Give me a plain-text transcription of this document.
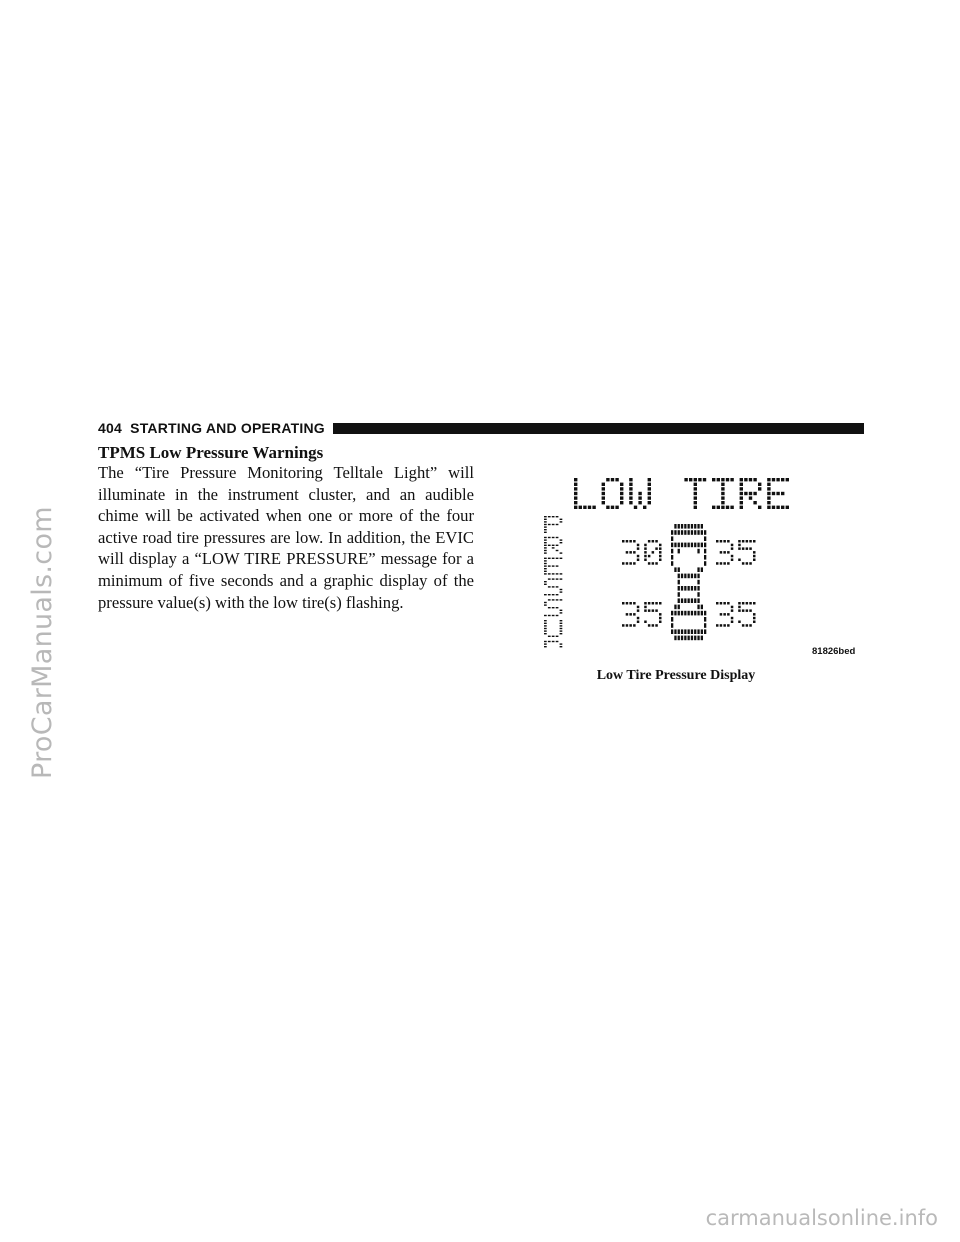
ProCarManuals.com
404 STARTING AND OPERATING
TPMS Low Pressure Warnings

The “Tire Pressure Monitoring Telltale Light” will illuminate in the instrument cluster, and an audible chime will be activated when one or more of the four active road tire pressures are low. In addition, the EVIC will display a “LOW TIRE PRESSURE” message for a minimum of five seconds and a graphic display of the pressure value(s) with the low tire(s) flashing.

81826bed
Low Tire Pressure Display
carmanualsonline.info
